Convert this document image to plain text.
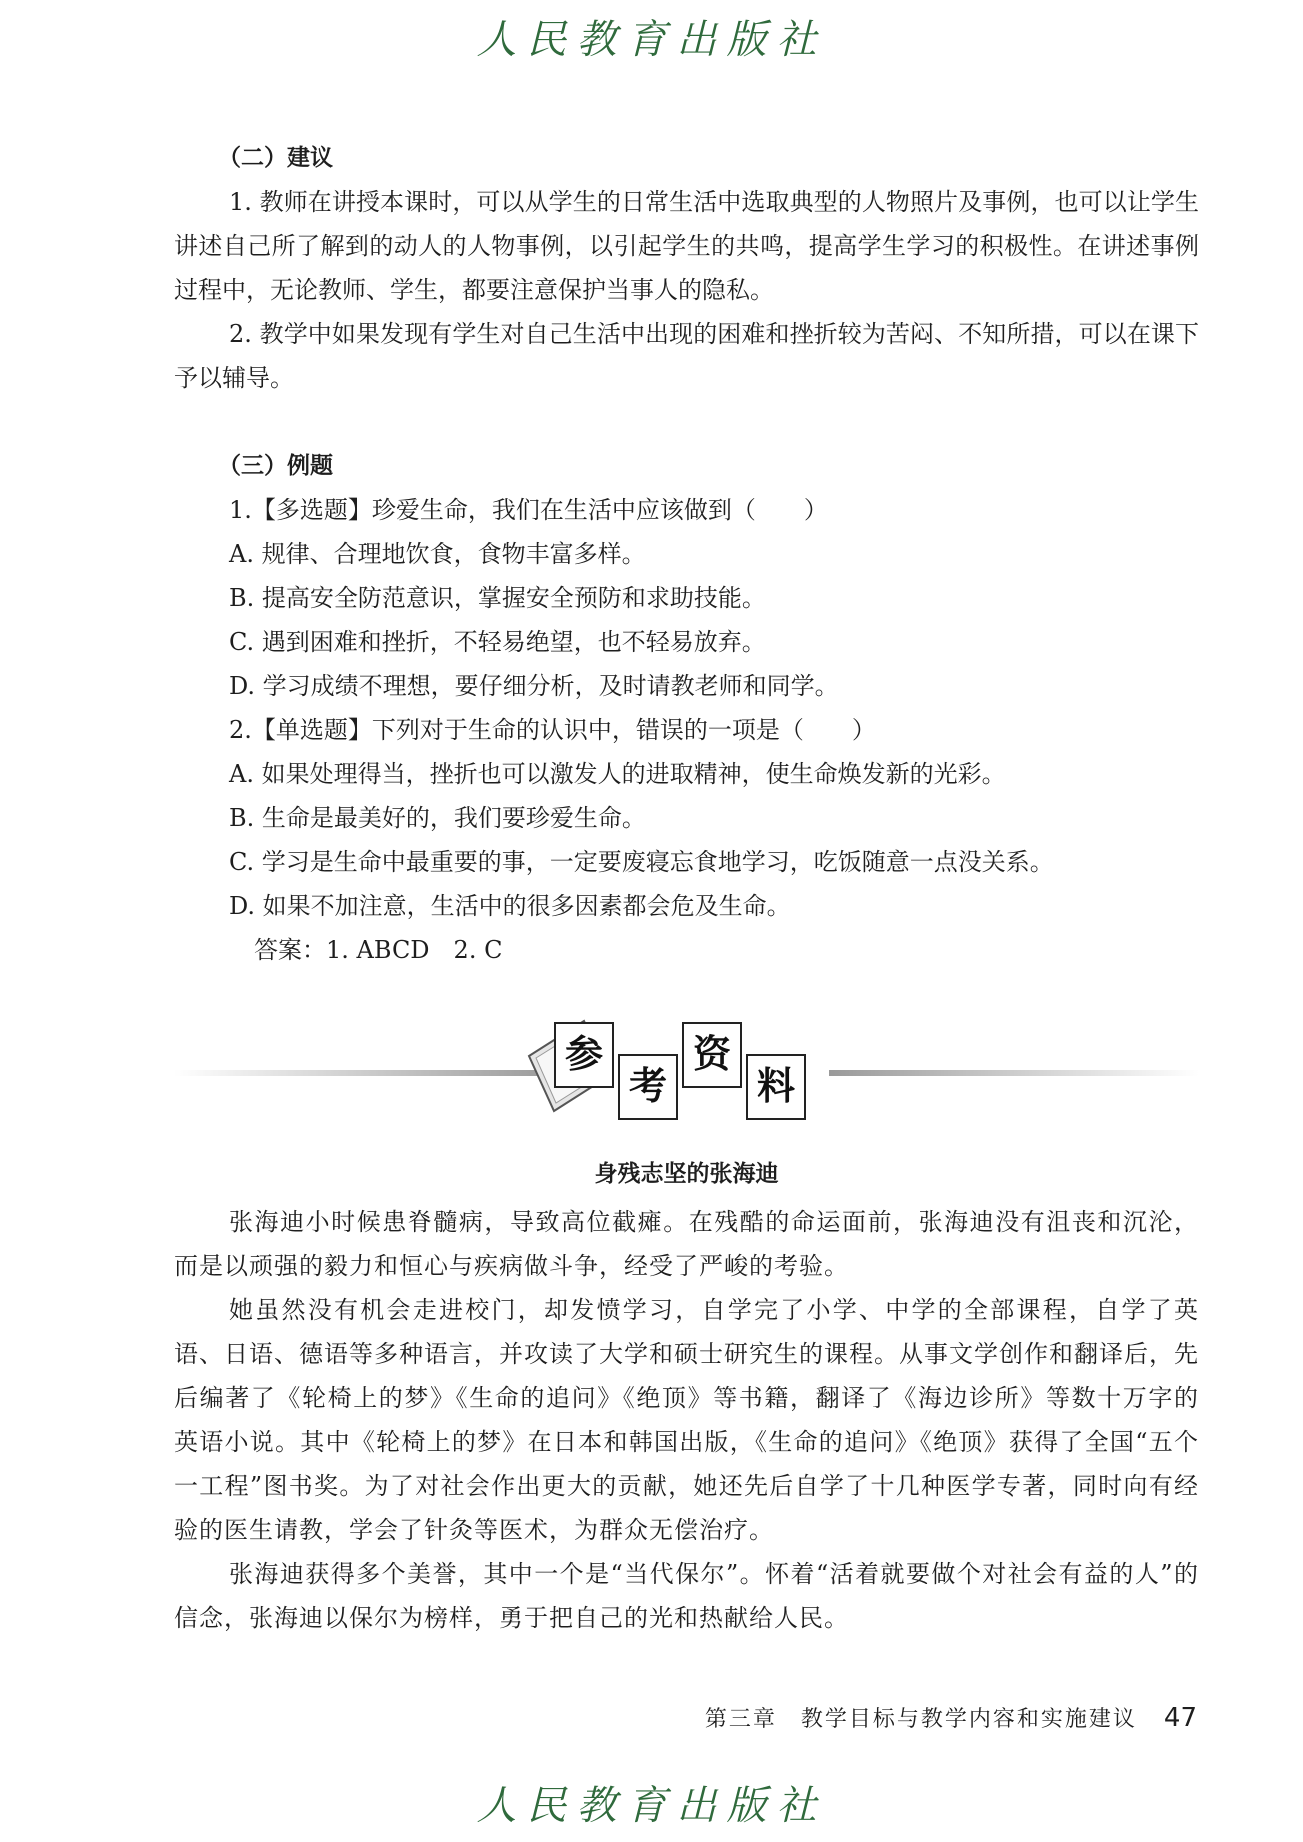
人民教育出版社
（二）建议

1. 教师在讲授本课时，可以从学生的日常生活中选取典型的人物照片及事例，也可以让学生讲述自己所了解到的动人的人物事例，以引起学生的共鸣，提高学生学习的积极性。在讲述事例过程中，无论教师、学生，都要注意保护当事人的隐私。

2. 教学中如果发现有学生对自己生活中出现的困难和挫折较为苦闷、不知所措，可以在课下予以辅导。

（三）例题

1.【多选题】珍爱生命，我们在生活中应该做到（　　）

A. 规律、合理地饮食，食物丰富多样。

B. 提高安全防范意识，掌握安全预防和求助技能。

C. 遇到困难和挫折，不轻易绝望，也不轻易放弃。

D. 学习成绩不理想，要仔细分析，及时请教老师和同学。

2.【单选题】下列对于生命的认识中，错误的一项是（　　）

A. 如果处理得当，挫折也可以激发人的进取精神，使生命焕发新的光彩。

B. 生命是最美好的，我们要珍爱生命。

C. 学习是生命中最重要的事，一定要废寝忘食地学习，吃饭随意一点没关系。

D. 如果不加注意，生活中的很多因素都会危及生命。

答案：1. ABCD　2. C

参
考
资
料
身残志坚的张海迪

张海迪小时候患脊髓病，导致高位截瘫。在残酷的命运面前，张海迪没有沮丧和沉沦，而是以顽强的毅力和恒心与疾病做斗争，经受了严峻的考验。

她虽然没有机会走进校门，却发愤学习，自学完了小学、中学的全部课程，自学了英语、日语、德语等多种语言，并攻读了大学和硕士研究生的课程。从事文学创作和翻译后，先后编著了《轮椅上的梦》《生命的追问》《绝顶》等书籍，翻译了《海边诊所》等数十万字的英语小说。其中《轮椅上的梦》在日本和韩国出版，《生命的追问》《绝顶》获得了全国“五个一工程”图书奖。为了对社会作出更大的贡献，她还先后自学了十几种医学专著，同时向有经验的医生请教，学会了针灸等医术，为群众无偿治疗。

张海迪获得多个美誉，其中一个是“当代保尔”。怀着“活着就要做个对社会有益的人”的信念，张海迪以保尔为榜样，勇于把自己的光和热献给人民。

第三章　教学目标与教学内容和实施建议 47
人民教育出版社
